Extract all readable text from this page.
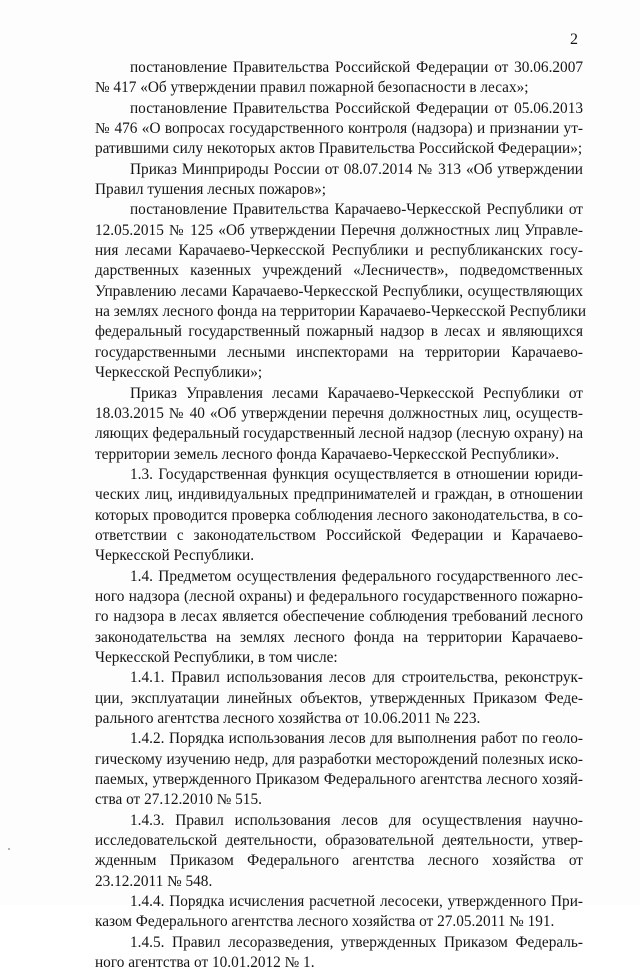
2
постановление Правительства Российской Федерации от 30.06.2007
№ 417 «Об утверждении правил пожарной безопасности в лесах»;
постановление Правительства Российской Федерации от 05.06.2013
№ 476 «О вопросах государственного контроля (надзора) и признании ут-
ратившими силу некоторых актов Правительства Российской Федерации»;
Приказ Минприроды России от 08.07.2014 № 313 «Об утверждении
Правил тушения лесных пожаров»;
постановление Правительства Карачаево-Черкесской Республики от
12.05.2015 № 125 «Об утверждении Перечня должностных лиц Управле-
ния лесами Карачаево-Черкесской Республики и республиканских госу-
дарственных казенных учреждений «Лесничеств», подведомственных
Управлению лесами Карачаево-Черкесской Республики, осуществляющих
на землях лесного фонда на территории Карачаево-Черкесской Республики
федеральный государственный пожарный надзор в лесах и являющихся
государственными лесными инспекторами на территории Карачаево-
Черкесской Республики»;
Приказ Управления лесами Карачаево-Черкесской Республики от
18.03.2015 № 40 «Об утверждении перечня должностных лиц, осуществ-
ляющих федеральный государственный лесной надзор (лесную охрану) на
территории земель лесного фонда Карачаево-Черкесской Республики».
1.3. Государственная функция осуществляется в отношении юриди-
ческих лиц, индивидуальных предпринимателей и граждан, в отношении
которых проводится проверка соблюдения лесного законодательства, в со-
ответствии с законодательством Российской Федерации и Карачаево-
Черкесской Республики.
1.4. Предметом осуществления федерального государственного лес-
ного надзора (лесной охраны) и федерального государственного пожарно-
го надзора в лесах является обеспечение соблюдения требований лесного
законодательства на землях лесного фонда на территории Карачаево-
Черкесской Республики, в том числе:
1.4.1. Правил использования лесов для строительства, реконструк-
ции, эксплуатации линейных объектов, утвержденных Приказом Феде-
рального агентства лесного хозяйства от 10.06.2011 № 223.
1.4.2. Порядка использования лесов для выполнения работ по геоло-
гическому изучению недр, для разработки месторождений полезных иско-
паемых, утвержденного Приказом Федерального агентства лесного хозяй-
ства от 27.12.2010 № 515.
1.4.3. Правил использования лесов для осуществления научно-
исследовательской деятельности, образовательной деятельности, утвер-
жденным Приказом Федерального агентства лесного хозяйства от
23.12.2011 № 548.
1.4.4. Порядка исчисления расчетной лесосеки, утвержденного При-
казом Федерального агентства лесного хозяйства от 27.05.2011 № 191.
1.4.5. Правил лесоразведения, утвержденных Приказом Федераль-
ного агентства от 10.01.2012 № 1.
